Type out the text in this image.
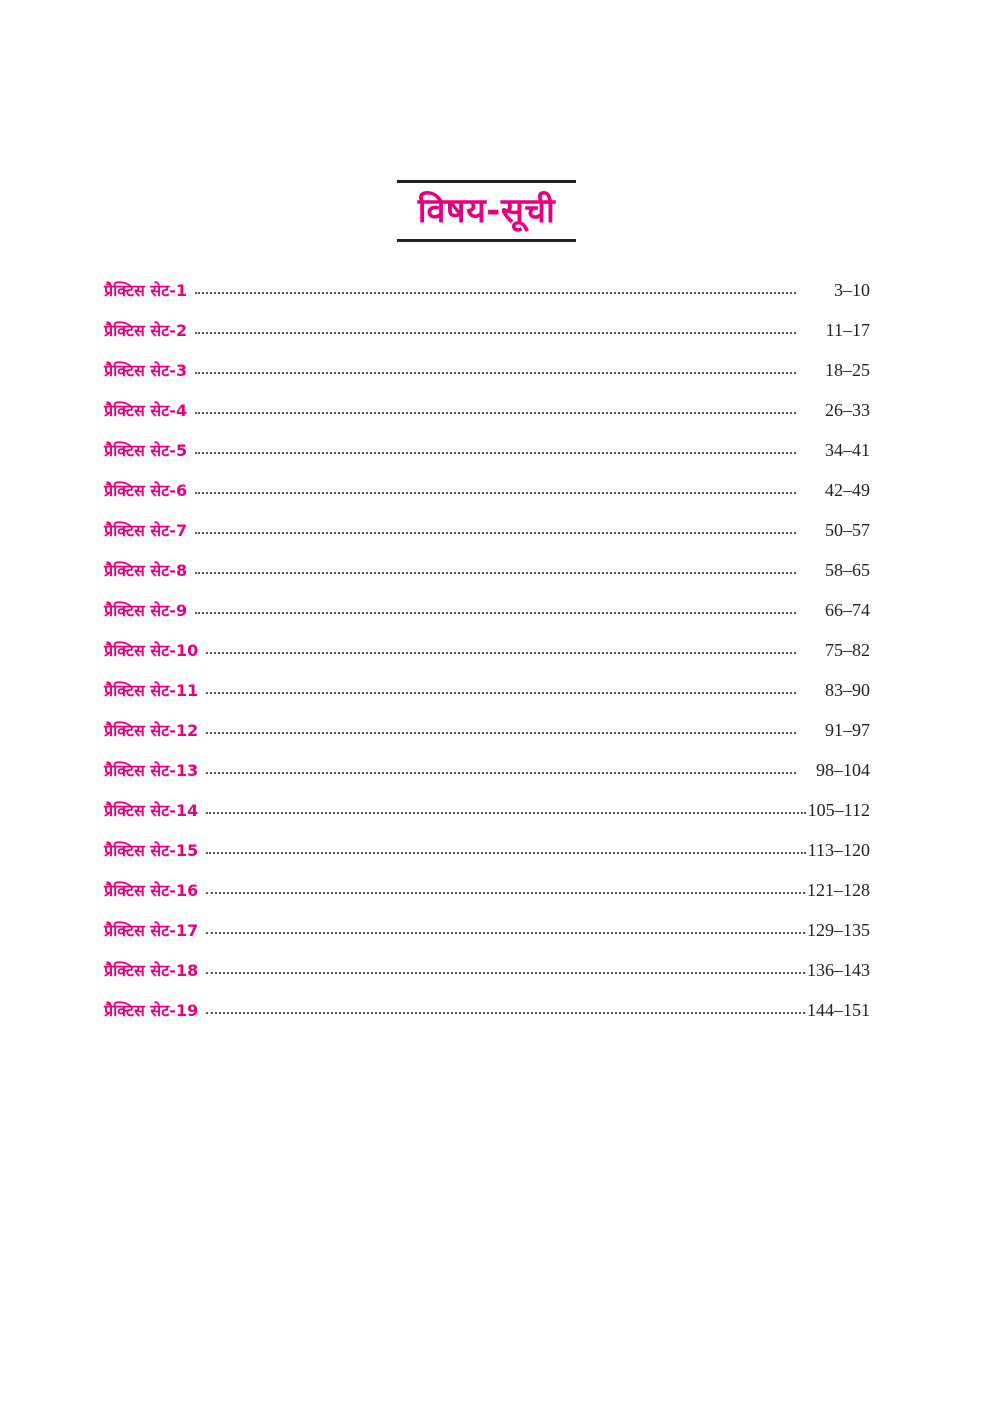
विषय-सूची
प्रैक्टिस सेट-1	3–10
प्रैक्टिस सेट-2	11–17
प्रैक्टिस सेट-3	18–25
प्रैक्टिस सेट-4	26–33
प्रैक्टिस सेट-5	34–41
प्रैक्टिस सेट-6	42–49
प्रैक्टिस सेट-7	50–57
प्रैक्टिस सेट-8	58–65
प्रैक्टिस सेट-9	66–74
प्रैक्टिस सेट-10	75–82
प्रैक्टिस सेट-11	83–90
प्रैक्टिस सेट-12	91–97
प्रैक्टिस सेट-13	98–104
प्रैक्टिस सेट-14	105–112
प्रैक्टिस सेट-15	113–120
प्रैक्टिस सेट-16	121–128
प्रैक्टिस सेट-17	129–135
प्रैक्टिस सेट-18	136–143
प्रैक्टिस सेट-19	144–151
